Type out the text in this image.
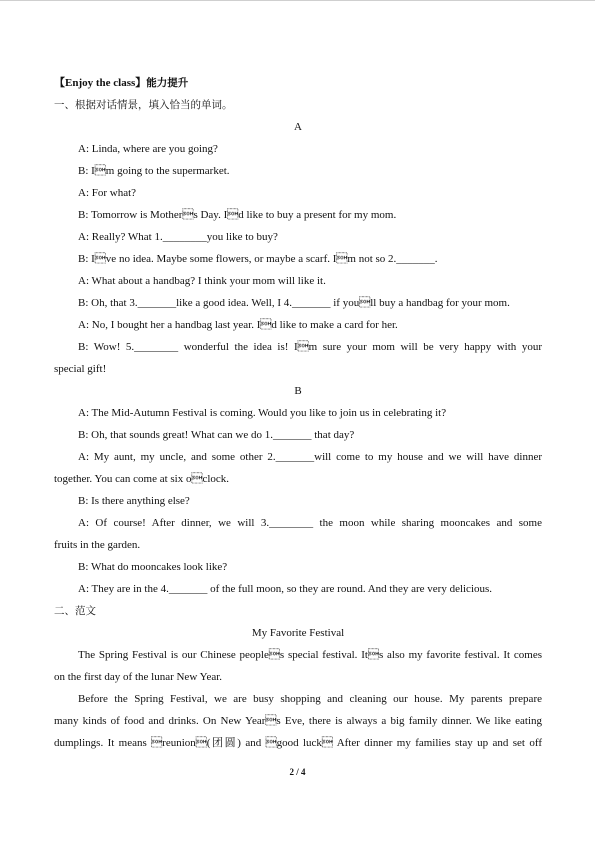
【Enjoy the class】能力提升

一、根据对话情景，填入恰当的单词。

A

A: Linda, where are you going?

B: Im going to the supermarket.

A: For what?

B: Tomorrow is Mothers Day. Id like to buy a present for my mom.

A: Really? What 1.________you like to buy?

B: Ive no idea. Maybe some flowers, or maybe a scarf. Im not so 2._______.

A: What about a handbag? I think your mom will like it.

B: Oh, that 3._______like a good idea. Well, I 4._______ if youll buy a handbag for your mom.

A: No, I bought her a handbag last year. Id like to make a card for her.

B: Wow! 5.________ wonderful the idea is! Im sure your mom will be very happy with your

special gift!

B

A: The Mid-Autumn Festival is coming. Would you like to join us in celebrating it?

B: Oh, that sounds great! What can we do 1._______ that day?

A: My aunt, my uncle, and some other 2._______will come to my house and we will have dinner

together. You can come at six oclock.

B: Is there anything else?

A: Of course! After dinner, we will 3.________ the moon while sharing mooncakes and some

fruits in the garden.

B: What do mooncakes look like?

A: They are in the 4._______ of the full moon, so they are round. And they are very delicious.

二、范文

My Favorite Festival

The Spring Festival is our Chinese peoples special festival. Its also my favorite festival. It comes

on the first day of the lunar New Year.

Before the Spring Festival, we are busy shopping and cleaning our house. My parents prepare

many kinds of food and drinks. On New Years Eve, there is always a big family dinner. We like eating

dumplings. It means reunion(团圆) and good luck After dinner my families stay up and set off

2 / 4
